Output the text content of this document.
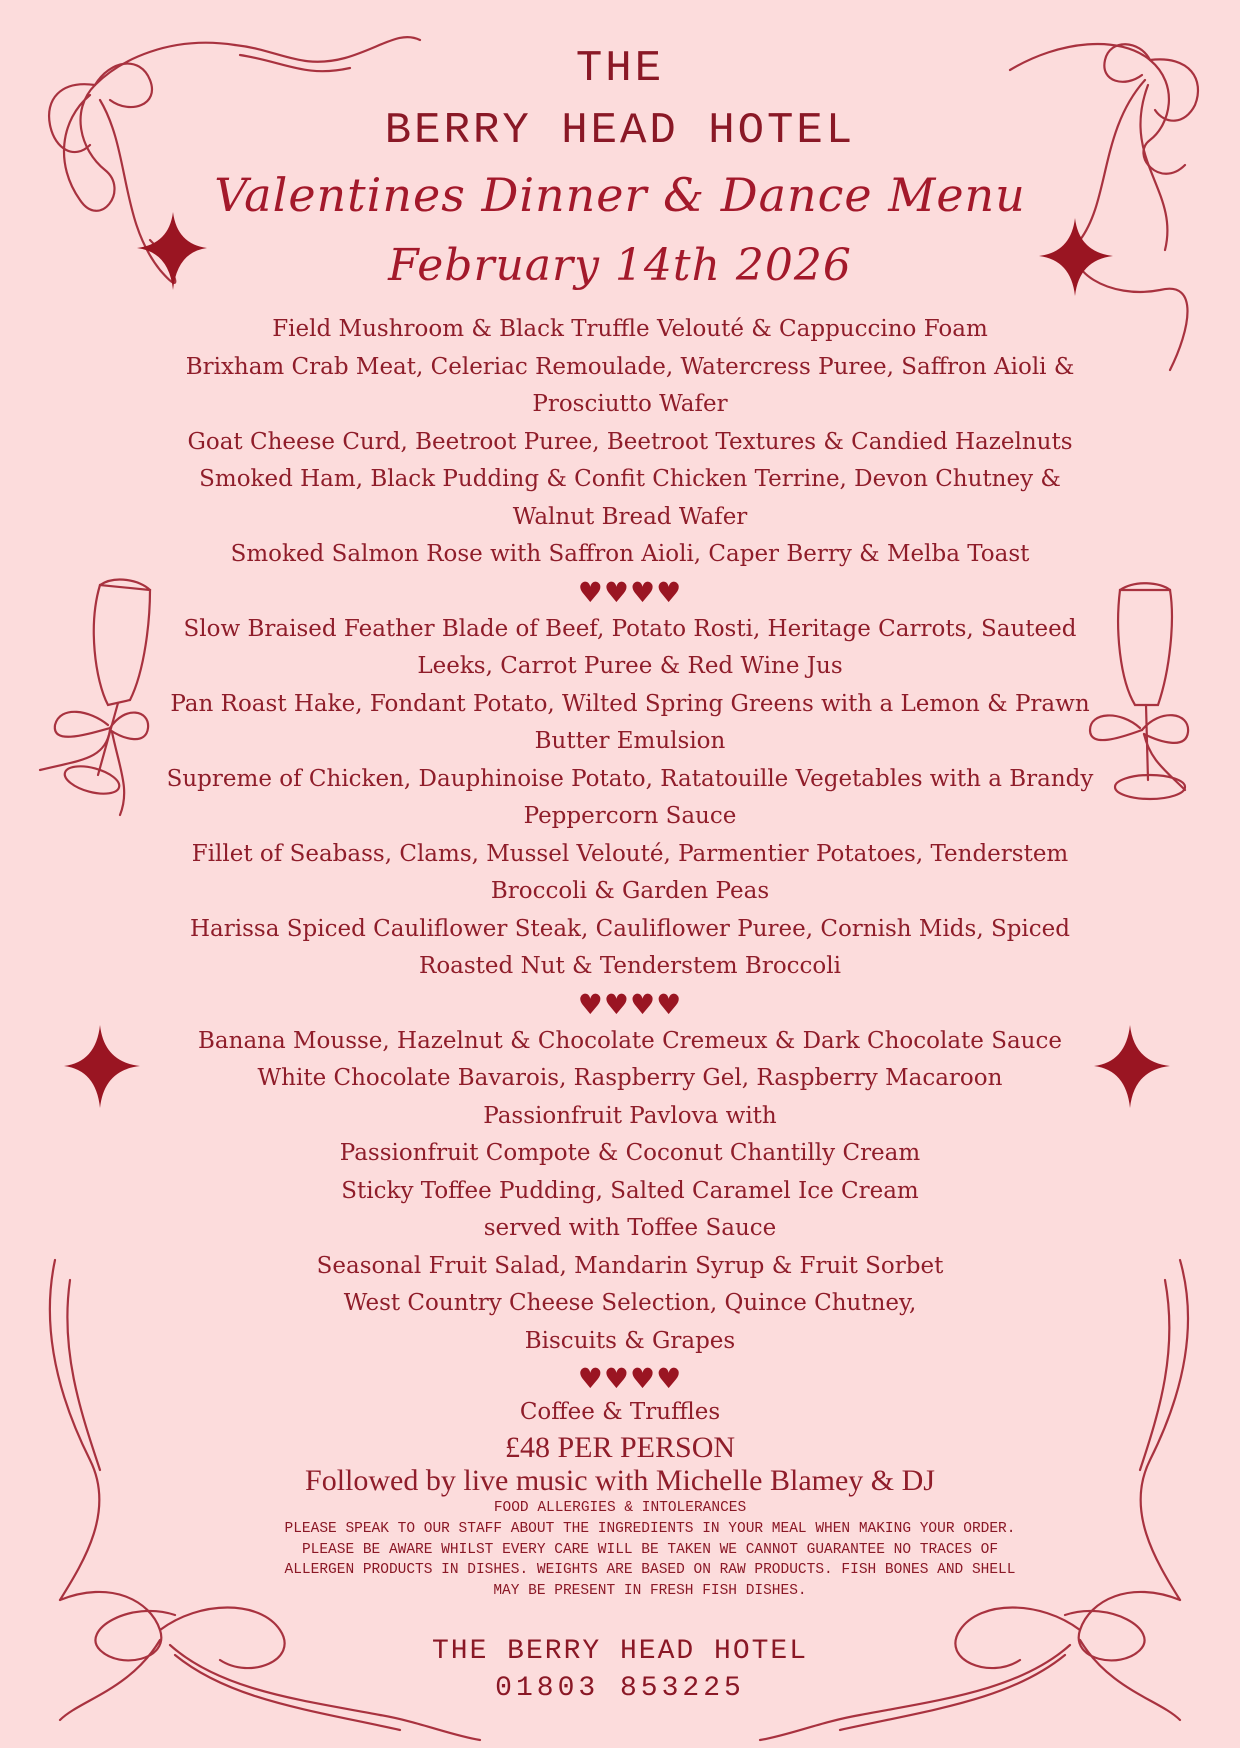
THE
BERRY HEAD HOTEL
Valentines Dinner & Dance Menu
February 14th 2026
Field Mushroom & Black Truffle Velouté & Cappuccino Foam
Brixham Crab Meat, Celeriac Remoulade, Watercress Puree, Saffron Aioli & Prosciutto Wafer
Goat Cheese Curd, Beetroot Puree, Beetroot Textures & Candied Hazelnuts
Smoked Ham, Black Pudding & Confit Chicken Terrine, Devon Chutney & Walnut Bread Wafer
Smoked Salmon Rose with Saffron Aioli, Caper Berry & Melba Toast
♥♥♥♥
Slow Braised Feather Blade of Beef, Potato Rosti, Heritage Carrots, Sauteed Leeks, Carrot Puree & Red Wine Jus
Pan Roast Hake, Fondant Potato, Wilted Spring Greens with a Lemon & Prawn Butter Emulsion
Supreme of Chicken, Dauphinoise Potato, Ratatouille Vegetables with a Brandy Peppercorn Sauce
Fillet of Seabass, Clams, Mussel Velouté, Parmentier Potatoes, Tenderstem Broccoli & Garden Peas
Harissa Spiced Cauliflower Steak, Cauliflower Puree, Cornish Mids, Spiced Roasted Nut & Tenderstem Broccoli
♥♥♥♥
Banana Mousse, Hazelnut & Chocolate Cremeux & Dark Chocolate Sauce
White Chocolate Bavarois, Raspberry Gel, Raspberry Macaroon
Passionfruit Pavlova with
Passionfruit Compote & Coconut Chantilly Cream
Sticky Toffee Pudding, Salted Caramel Ice Cream
served with Toffee Sauce
Seasonal Fruit Salad, Mandarin Syrup & Fruit Sorbet
West Country Cheese Selection, Quince Chutney,
Biscuits & Grapes
♥♥♥♥
Coffee & Truffles
£48 PER PERSON
Followed by live music with Michelle Blamey & DJ
FOOD ALLERGIES & INTOLERANCES
PLEASE SPEAK TO OUR STAFF ABOUT THE INGREDIENTS IN YOUR MEAL WHEN MAKING YOUR ORDER. PLEASE BE AWARE WHILST EVERY CARE WILL BE TAKEN WE CANNOT GUARANTEE NO TRACES OF ALLERGEN PRODUCTS IN DISHES. WEIGHTS ARE BASED ON RAW PRODUCTS. FISH BONES AND SHELL MAY BE PRESENT IN FRESH FISH DISHES.
THE BERRY HEAD HOTEL
01803 853225
